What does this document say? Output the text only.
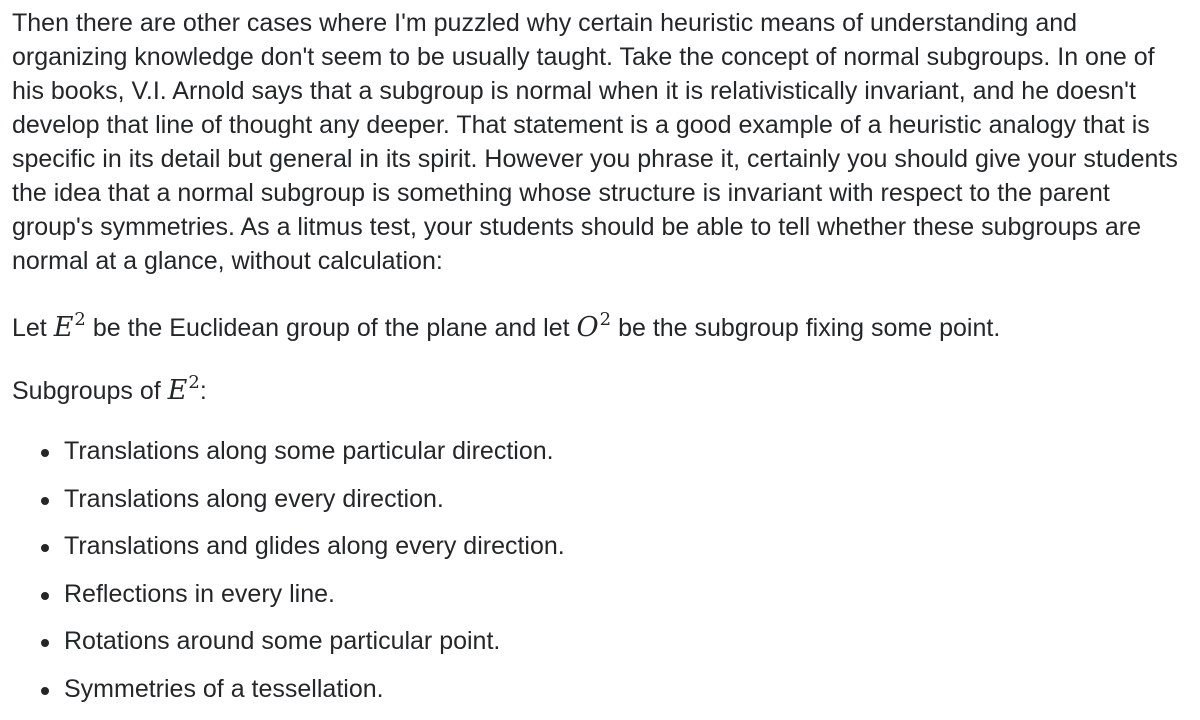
Then there are other cases where I'm puzzled why certain heuristic means of understanding and organizing knowledge don't seem to be usually taught. Take the concept of normal subgroups. In one of his books, V.I. Arnold says that a subgroup is normal when it is relativistically invariant, and he doesn't develop that line of thought any deeper. That statement is a good example of a heuristic analogy that is specific in its detail but general in its spirit. However you phrase it, certainly you should give your students the idea that a normal subgroup is something whose structure is invariant with respect to the parent group's symmetries. As a litmus test, your students should be able to tell whether these subgroups are normal at a glance, without calculation:

Let $E^2$ be the Euclidean group of the plane and let $O^2$ be the subgroup fixing some point.

Subgroups of $E^2$:

Translations along some particular direction.
Translations along every direction.
Translations and glides along every direction.
Reflections in every line.
Rotations around some particular point.
Symmetries of a tessellation.
